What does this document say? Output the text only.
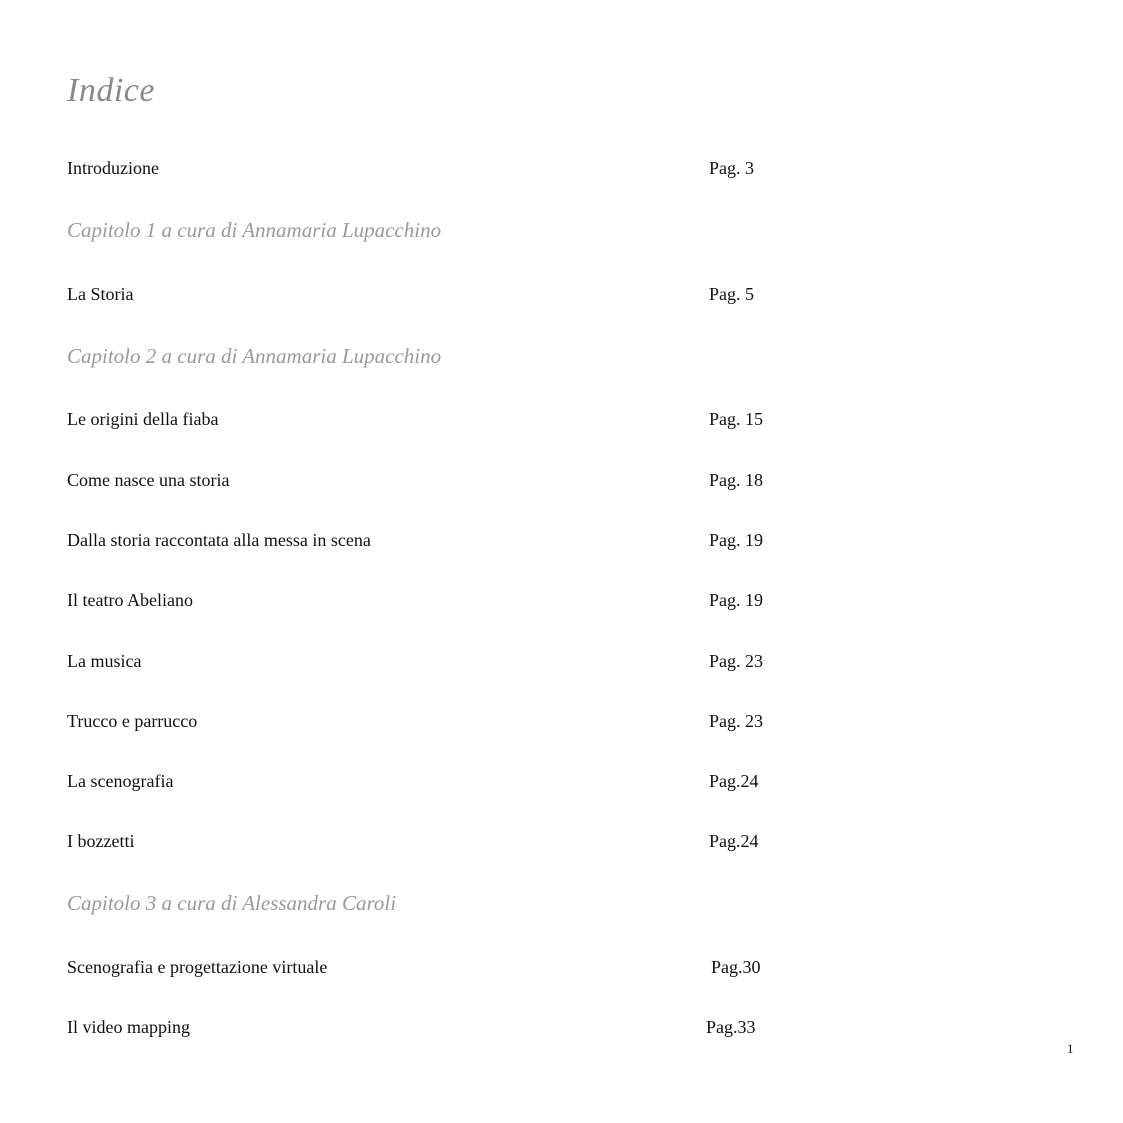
Indice
Introduzione	Pag. 3
Capitolo 1 a cura di Annamaria Lupacchino
La Storia	Pag. 5
Capitolo 2 a cura di Annamaria Lupacchino
Le origini della fiaba	Pag. 15
Come nasce una storia	Pag. 18
Dalla storia raccontata alla messa in scena	Pag. 19
Il teatro Abeliano	Pag. 19
La musica	Pag. 23
Trucco e parrucco	Pag. 23
La scenografia	Pag.24
I bozzetti	Pag.24
Capitolo 3 a cura di Alessandra Caroli
Scenografia e progettazione virtuale	Pag.30
Il video mapping	Pag.33
1
